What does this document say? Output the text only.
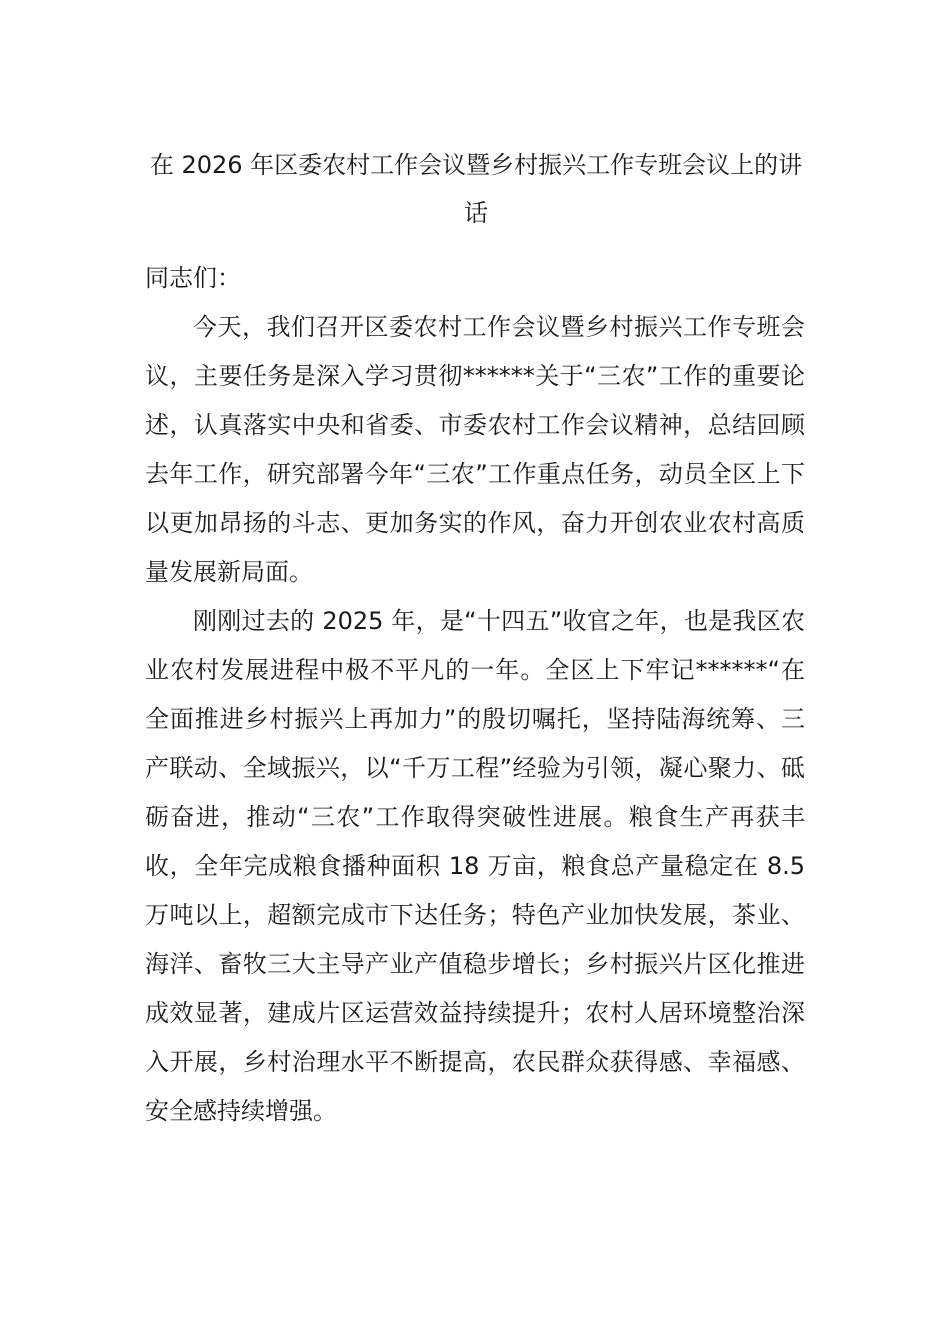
在 2026 年区委农村工作会议暨乡村振兴工作专班会议上的讲话

同志们：

今天，我们召开区委农村工作会议暨乡村振兴工作专班会议，主要任务是深入学习贯彻******关于“三农”工作的重要论述，认真落实中央和省委、市委农村工作会议精神，总结回顾去年工作，研究部署今年“三农”工作重点任务，动员全区上下以更加昂扬的斗志、更加务实的作风，奋力开创农业农村高质量发展新局面。

刚刚过去的 2025 年，是“十四五”收官之年，也是我区农业农村发展进程中极不平凡的一年。全区上下牢记******“在全面推进乡村振兴上再加力”的殷切嘱托，坚持陆海统筹、三产联动、全域振兴，以“千万工程”经验为引领，凝心聚力、砥砺奋进，推动“三农”工作取得突破性进展。粮食生产再获丰收，全年完成粮食播种面积 18 万亩，粮食总产量稳定在 8.5 万吨以上，超额完成市下达任务；特色产业加快发展，茶业、海洋、畜牧三大主导产业产值稳步增长；乡村振兴片区化推进成效显著，建成片区运营效益持续提升；农村人居环境整治深入开展，乡村治理水平不断提高，农民群众获得感、幸福感、安全感持续增强。
